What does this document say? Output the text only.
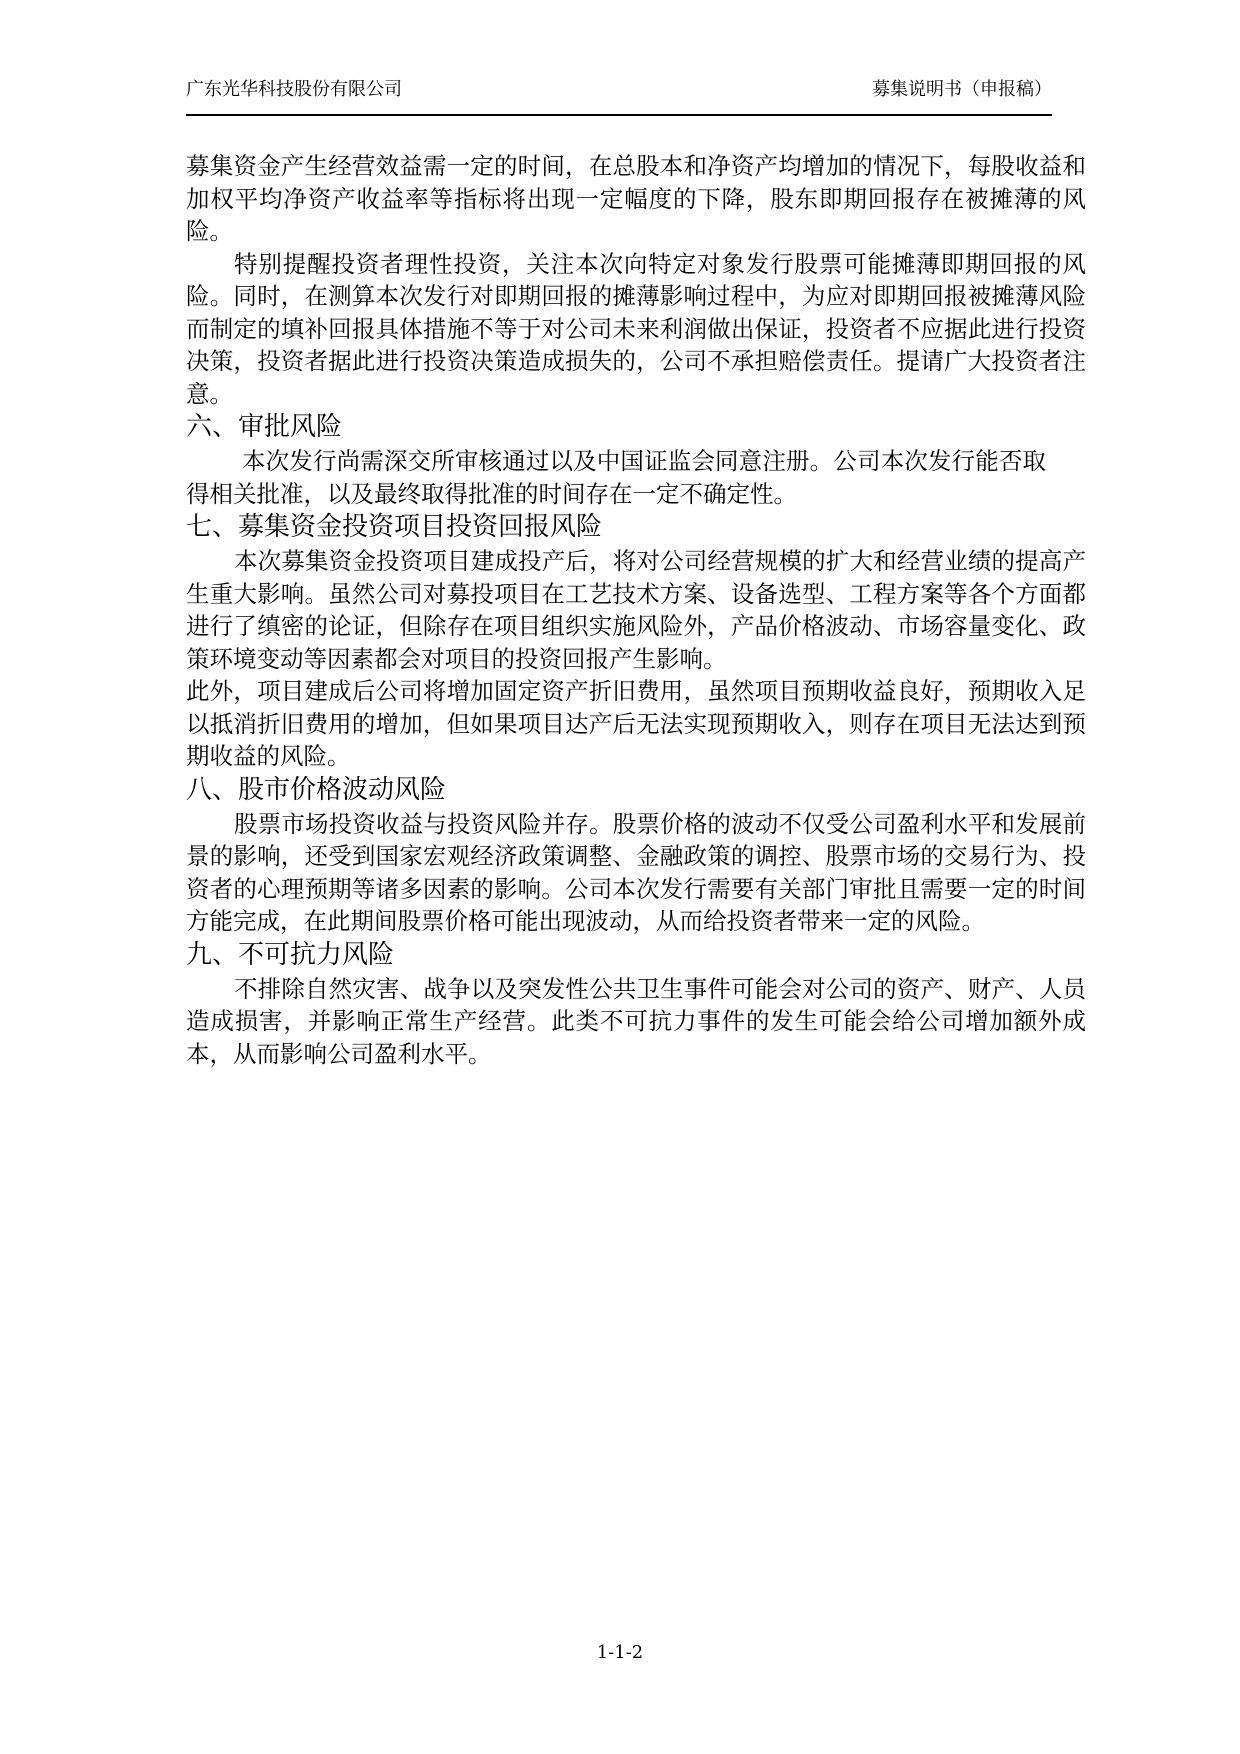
广东光华科技股份有限公司	募集说明书（申报稿）

募集资金产生经营效益需一定的时间，在总股本和净资产均增加的情况下，每股收益和加权平均净资产收益率等指标将出现一定幅度的下降，股东即期回报存在被摊薄的风险。

特别提醒投资者理性投资，关注本次向特定对象发行股票可能摊薄即期回报的风险。同时，在测算本次发行对即期回报的摊薄影响过程中，为应对即期回报被摊薄风险而制定的填补回报具体措施不等于对公司未来利润做出保证，投资者不应据此进行投资决策，投资者据此进行投资决策造成损失的，公司不承担赔偿责任。提请广大投资者注意。

六、审批风险

本次发行尚需深交所审核通过以及中国证监会同意注册。公司本次发行能否取得相关批准，以及最终取得批准的时间存在一定不确定性。

七、募集资金投资项目投资回报风险

本次募集资金投资项目建成投产后，将对公司经营规模的扩大和经营业绩的提高产生重大影响。虽然公司对募投项目在工艺技术方案、设备选型、工程方案等各个方面都进行了缜密的论证，但除存在项目组织实施风险外，产品价格波动、市场容量变化、政策环境变动等因素都会对项目的投资回报产生影响。

此外，项目建成后公司将增加固定资产折旧费用，虽然项目预期收益良好，预期收入足以抵消折旧费用的增加，但如果项目达产后无法实现预期收入，则存在项目无法达到预期收益的风险。

八、股市价格波动风险

股票市场投资收益与投资风险并存。股票价格的波动不仅受公司盈利水平和发展前景的影响，还受到国家宏观经济政策调整、金融政策的调控、股票市场的交易行为、投资者的心理预期等诸多因素的影响。公司本次发行需要有关部门审批且需要一定的时间方能完成，在此期间股票价格可能出现波动，从而给投资者带来一定的风险。

九、不可抗力风险

不排除自然灾害、战争以及突发性公共卫生事件可能会对公司的资产、财产、人员造成损害，并影响正常生产经营。此类不可抗力事件的发生可能会给公司增加额外成本，从而影响公司盈利水平。

1-1-2
